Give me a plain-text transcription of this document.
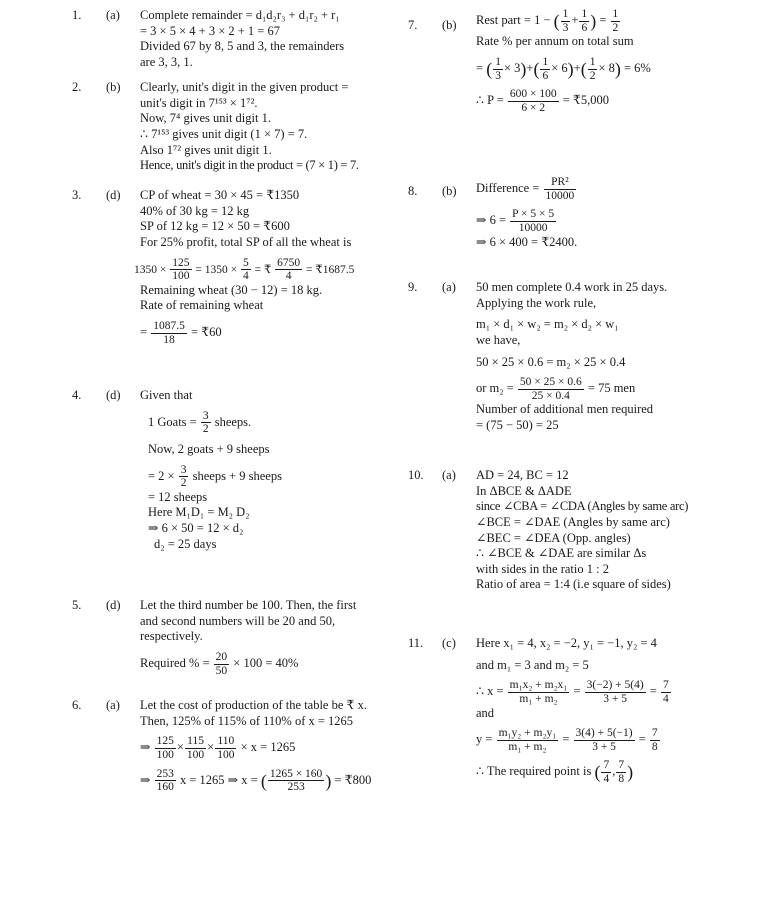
1.	(a)	Complete remainder = d₁d₂r₃ + d₁r₂ + r₁
= 3 × 5 × 4 + 3 × 2 + 1 = 67
Divided 67 by 8, 5 and 3, the remainders
are 3, 3, 1.
2.	(b)	Clearly, unit's digit in the given product =
unit's digit in 7¹⁵³ × 1⁷².
Now, 7⁴ gives unit digit 1.
∴ 7¹⁵³ gives unit digit (1 × 7) = 7.
Also 1⁷² gives unit digit 1.
Hence, unit's digit in the product = (7 × 1) = 7.
3.	(d)	CP of wheat = 30 × 45 = ₹1350
40% of 30 kg = 12 kg
SP of 12 kg = 12 × 50 = ₹600
For 25% profit, total SP of all the wheat is
$1350 \times \frac{125}{100} = 1350 \times \frac{5}{4}$ = ₹ $\frac{6750}{4}$ = ₹1687.5
Remaining wheat (30 − 12) = 18 kg.
Rate of remaining wheat
= $\frac{1087.5}{18}$ = ₹60
4.	(d)	Given that
1 Goats = $\frac{3}{2}$ sheeps.
Now, 2 goats + 9 sheeps
= $2 \times \frac{3}{2}$ sheeps + 9 sheeps
= 12 sheeps
Here M₁D₁ = M₂ D₂
⇒ 6 × 50 = 12 × d₂
d₂ = 25 days
5.	(d)	Let the third number be 100. Then, the first
and second numbers will be 20 and 50,
respectively.
Required % = $\frac{20}{50} \times 100 = 40\%$
6.	(a)	Let the cost of production of the table be ₹ x.
Then, 125% of 115% of 110% of x = 1265
⇒ $\frac{125}{100} \times \frac{115}{100} \times \frac{110}{100} \times x = 1265$
⇒ $\frac{253}{160}$ x = 1265 ⇒ x = ( $\frac{1265 \times 160}{253}$ ) = ₹800
7.	(b)	Rest part = 1 − ( $\frac{1}{3} + \frac{1}{6}$ ) = $\frac{1}{2}$
Rate % per annum on total sum
= ( $\frac{1}{3} \times 3)+( \frac{1}{6} \times 6)+( \frac{1}{2} \times 8) = 6\%$
∴ $P = \frac{600 \times 100}{6 \times 2}$ = ₹5,000
8.	(b)	Difference = $\frac{\text{PR²}}{10000}$
⇒ $6 = \frac{P \times 5 \times 5}{10000}$
⇒ 6 × 400 = ₹2400.
9.	(a)	50 men complete 0.4 work in 25 days.
Applying the work rule,
m₁ × d₁ × w₂ = m₂ × d₂ × w₁
we have,
50 × 25 × 0.6 = m₂ × 25 × 0.4
or $m_2 = \frac{50 \times 25 \times 0.6}{25 \times 0.4} = 75$ men
Number of additional men required
= (75 − 50) = 25
10.	(a)	AD = 24, BC = 12
In ΔBCE & ΔADE
since ∠CBA = ∠CDA (Angles by same arc)
∠BCE = ∠DAE (Angles by same arc)
∠BEC = ∠DEA (Opp. angles)
∴ ∠BCE & ∠DAE are similar Δs
with sides in the ratio 1 : 2
Ratio of area = 1:4 (i.e square of sides)
11.	(c)	Here x₁ = 4, x₂ = −2, y₁ = −1, y₂ = 4
and m₁ = 3 and m₂ = 5
∴ $x = \frac{\text{m₁x₂ + m₂x₁}}{\text{m₁ + m₂}} = \frac{3(-2) + 5(4)}{3 + 5} = \frac{7}{4}$
and
$y = \frac{\text{m₁y₂ + m₂y₁}}{\text{m₁ + m₂}} = \frac{3(4) + 5(-1)}{3 + 5} = \frac{7}{8}$
∴ The required point is ( $\frac{7}{4}$ , $\frac{7}{8}$ )
